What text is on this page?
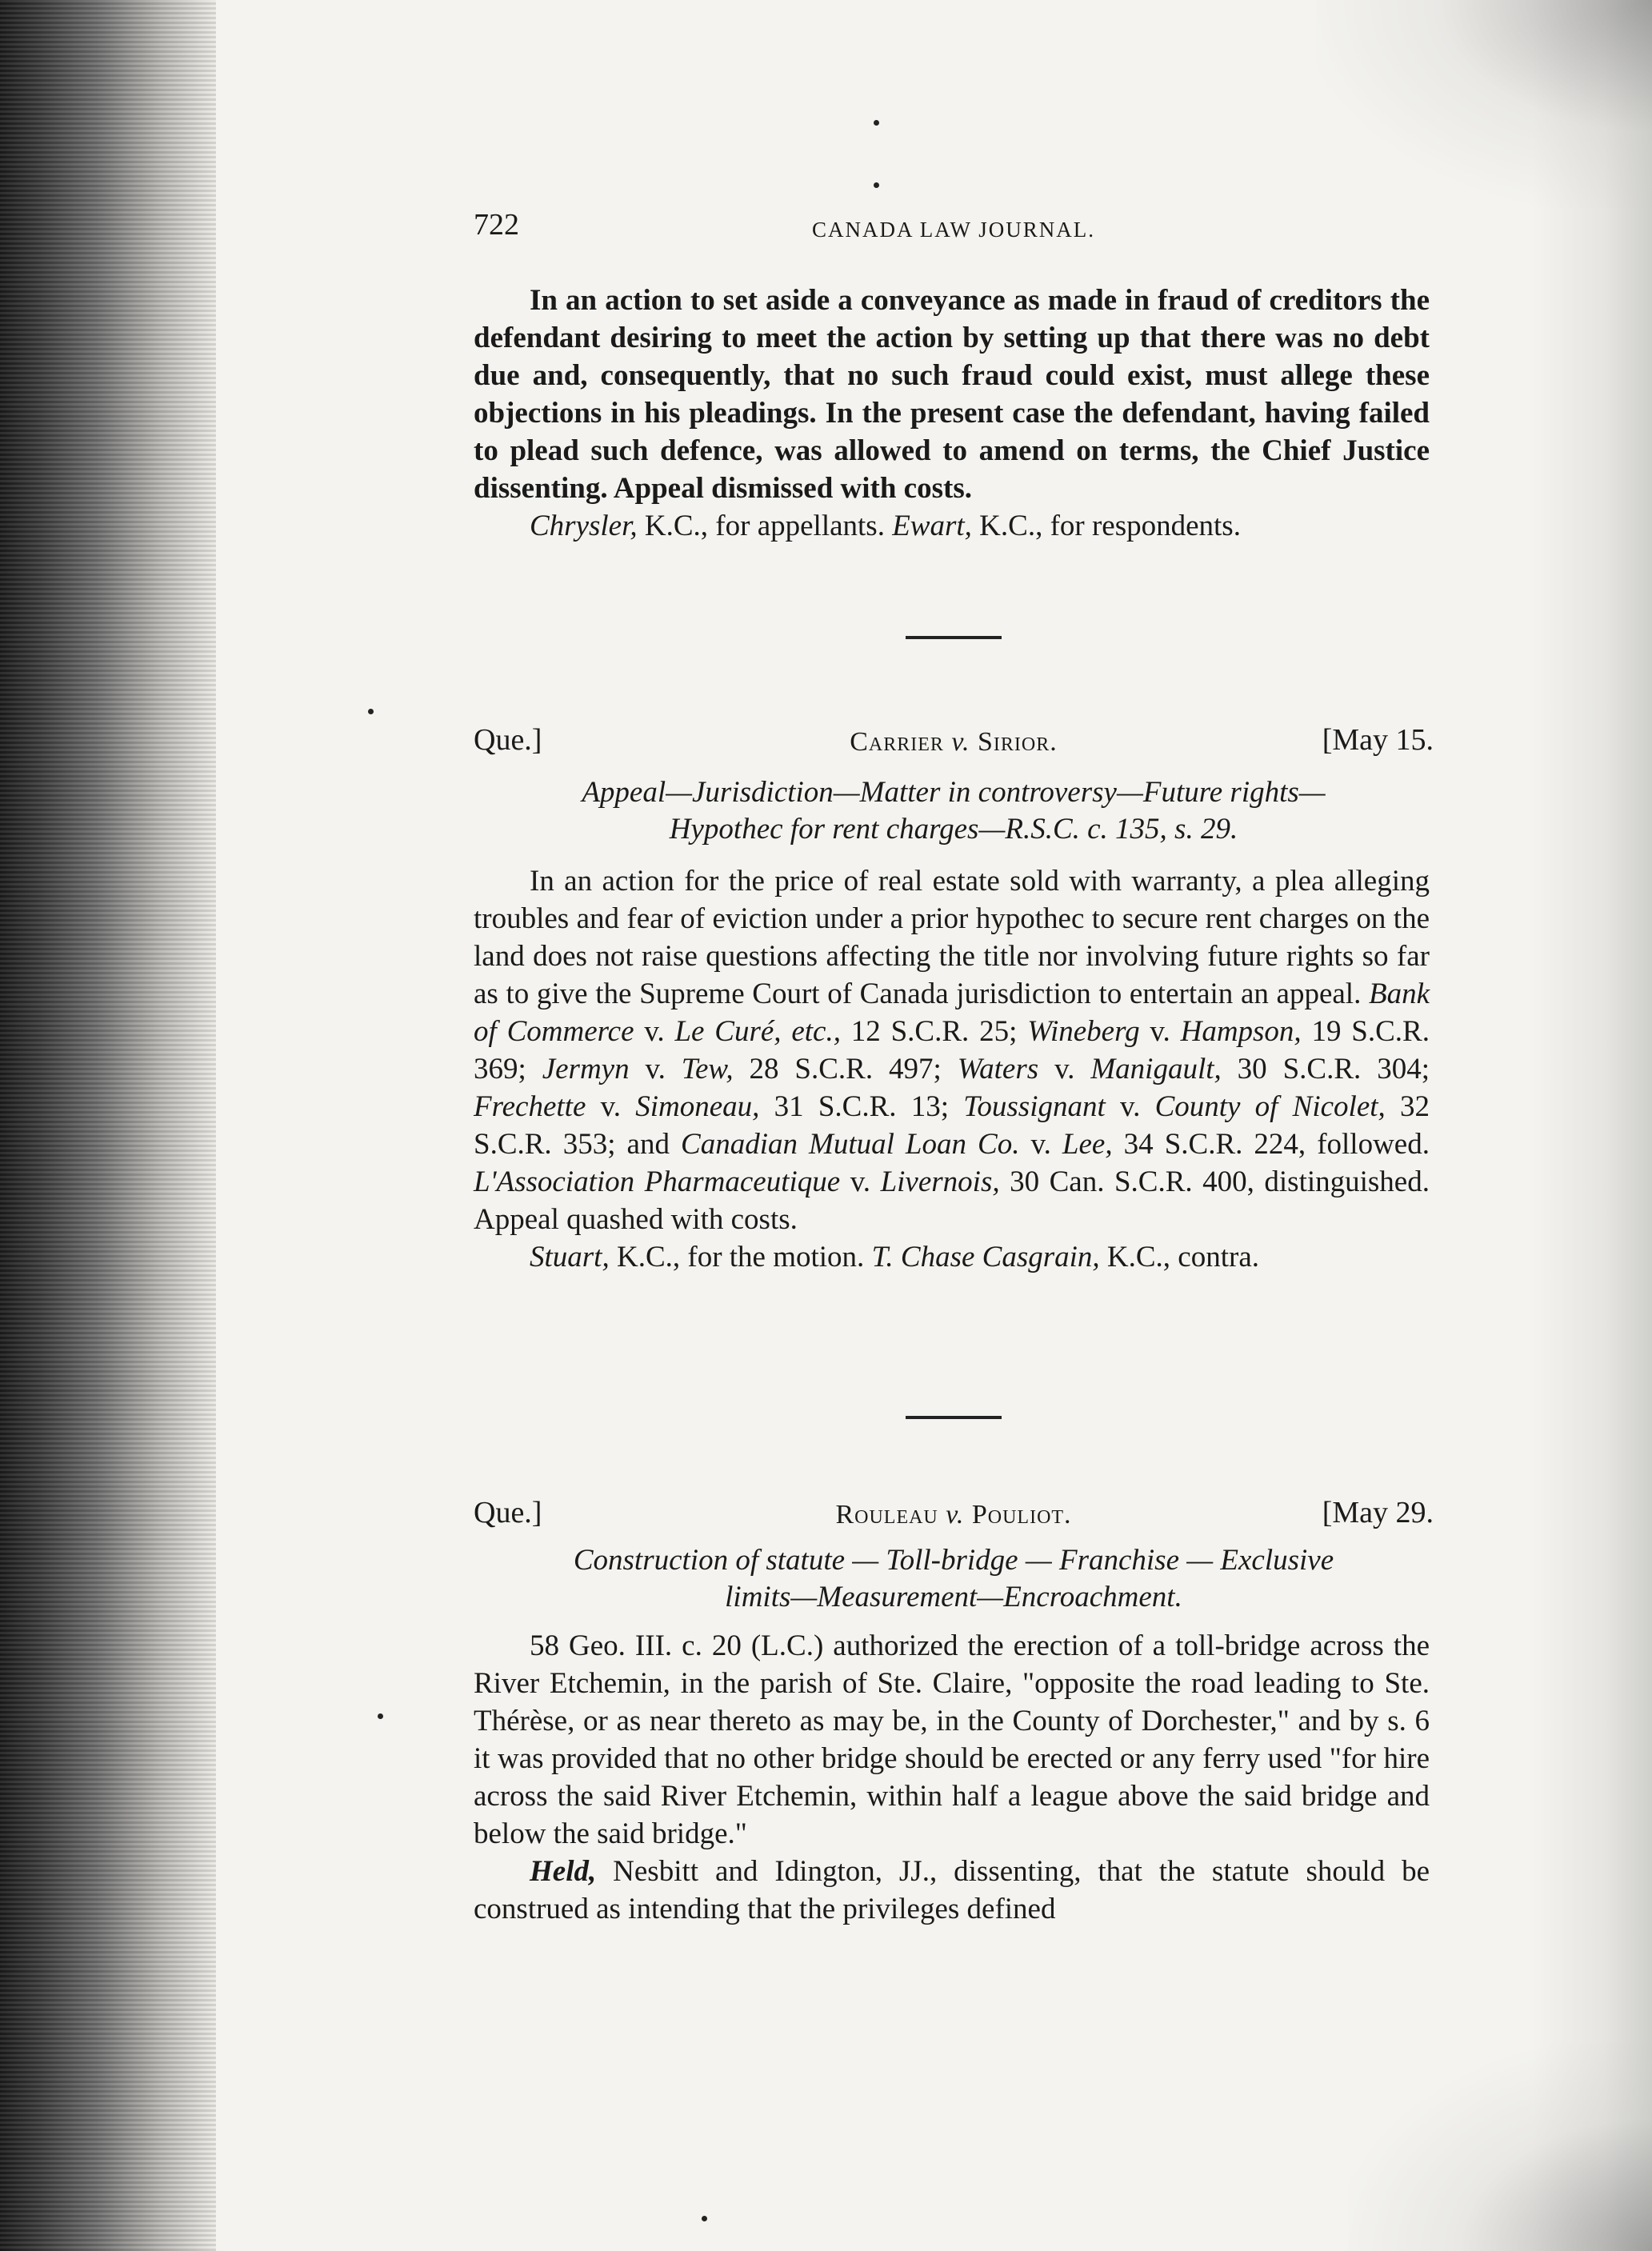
722	CANADA LAW JOURNAL.

In an action to set aside a conveyance as made in fraud of creditors the defendant desiring to meet the action by setting up that there was no debt due and, consequently, that no such fraud could exist, must allege these objections in his pleadings. In the present case the defendant, having failed to plead such defence, was allowed to amend on terms, the Chief Justice dissenting. Appeal dismissed with costs.

Chrysler, K.C., for appellants. Ewart, K.C., for respondents.

Que.]	Carrier v. Sirior.	[May 15.
Appeal—Jurisdiction—Matter in controversy—Future rights—
Hypothec for rent charges—R.S.C. c. 135, s. 29.

In an action for the price of real estate sold with warranty, a plea alleging troubles and fear of eviction under a prior hypothec to secure rent charges on the land does not raise questions affecting the title nor involving future rights so far as to give the Supreme Court of Canada jurisdiction to entertain an appeal. Bank of Commerce v. Le Curé, etc., 12 S.C.R. 25; Wineberg v. Hampson, 19 S.C.R. 369; Jermyn v. Tew, 28 S.C.R. 497; Waters v. Manigault, 30 S.C.R. 304; Frechette v. Simoneau, 31 S.C.R. 13; Toussignant v. County of Nicolet, 32 S.C.R. 353; and Canadian Mutual Loan Co. v. Lee, 34 S.C.R. 224, followed. L'Association Pharmaceutique v. Livernois, 30 Can. S.C.R. 400, distinguished. Appeal quashed with costs.

Stuart, K.C., for the motion. T. Chase Casgrain, K.C., contra.

Que.]	Rouleau v. Pouliot.	[May 29.
Construction of statute — Toll-bridge — Franchise — Exclusive
limits—Measurement—Encroachment.

58 Geo. III. c. 20 (L.C.) authorized the erection of a toll-bridge across the River Etchemin, in the parish of Ste. Claire, "opposite the road leading to Ste. Thérèse, or as near thereto as may be, in the County of Dorchester," and by s. 6 it was provided that no other bridge should be erected or any ferry used "for hire across the said River Etchemin, within half a league above the said bridge and below the said bridge."

Held, Nesbitt and Idington, JJ., dissenting, that the statute should be construed as intending that the privileges defined
